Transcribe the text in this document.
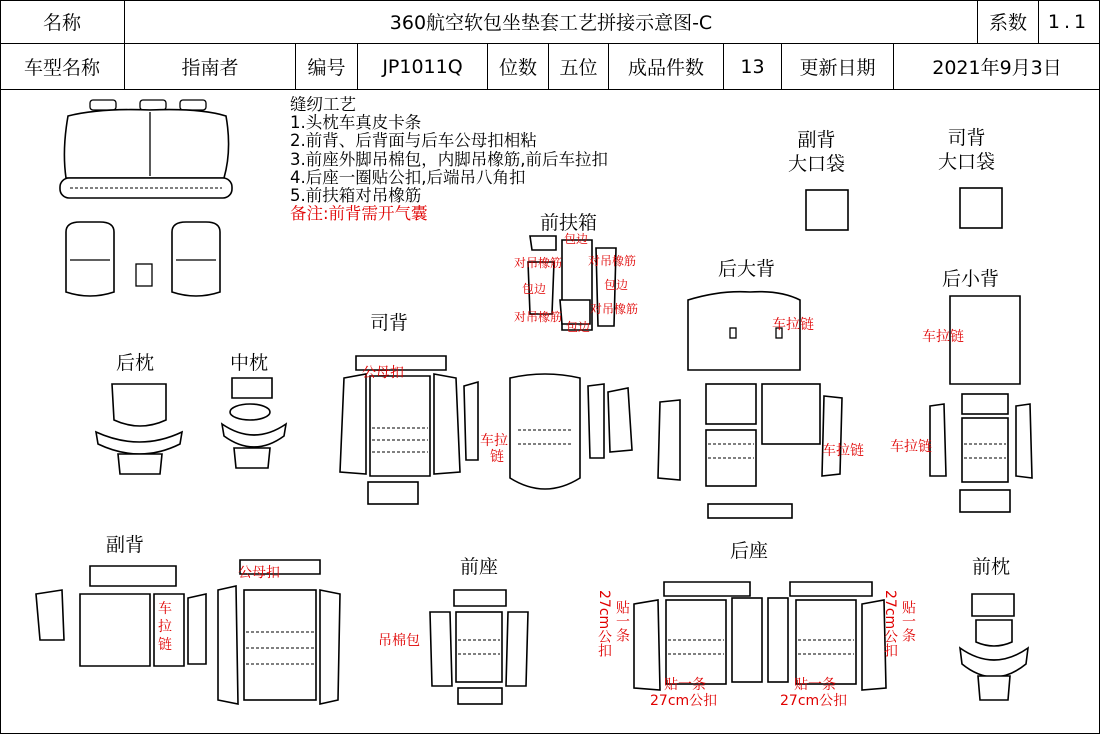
名称	360航空软包坐垫套工艺拼接示意图-C	系数 1.1
车型名称	指南者	编号 JP1011Q 位数 五位 成品件数 13 更新日期	2021年9月3日
缝纫工艺
1.头枕车真皮卡条
2.前背、后背面与后车公母扣相粘
3.前座外脚吊棉包，内脚吊橡筋,前后车拉扣
4.后座一圈贴公扣,后端吊八角扣
5.前扶箱对吊橡筋
备注:前背需开气囊
副背
大口袋
司背
大口袋
前扶箱
后大背	后小背
司背
后枕	中枕
副背
前座
后座
前枕
包边
对吊橡筋 对吊橡筋
包边	包边
对吊橡筋
对吊橡筋
包边
公母扣
车拉
链
车拉链
车拉链
车拉链
车拉链
公母扣
车
拉
链	吊棉包
贴一条
27cm公扣
贴一条
27cm公扣
贴一条
27cm公扣	贴一条
27cm公扣
